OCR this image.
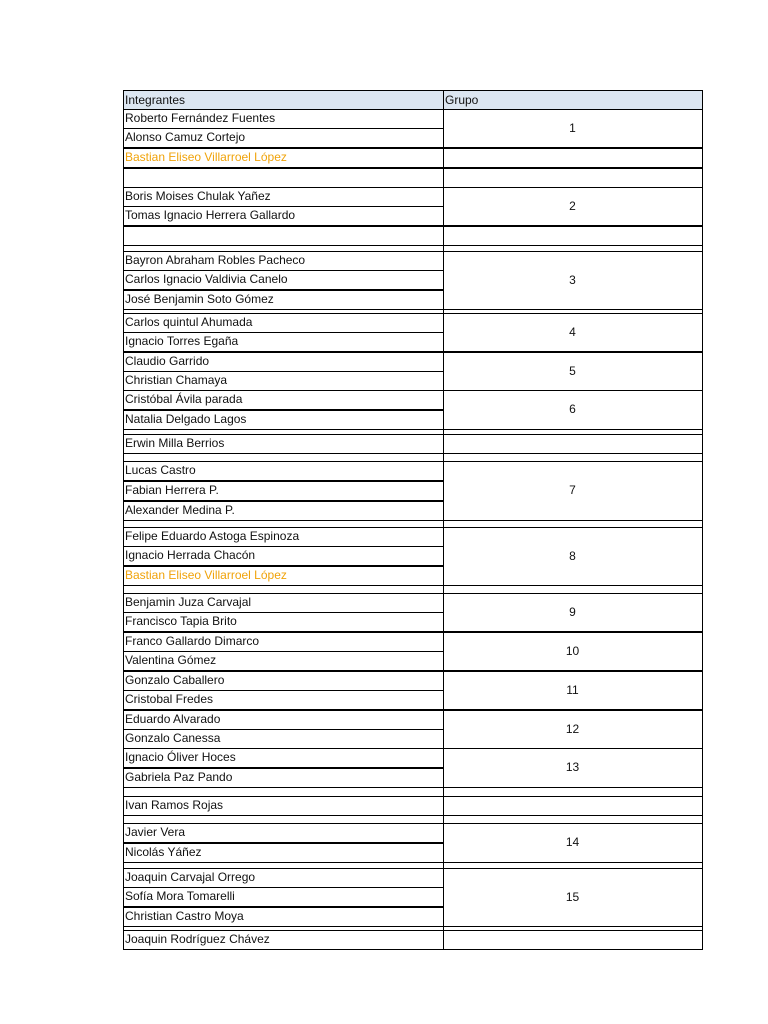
Integrantes	Grupo
Roberto Fernández Fuentes
Alonso Camuz Cortejo
Bastian Eliseo Villarroel López
Boris Moises Chulak Yañez
Tomas Ignacio Herrera Gallardo
Bayron Abraham Robles Pacheco
Carlos Ignacio Valdivia Canelo
José Benjamin Soto Gómez
Carlos quintul Ahumada
Ignacio Torres Egaña
Claudio Garrido
Christian Chamaya
Cristóbal Ávila parada
Natalia Delgado Lagos
Erwin Milla Berrios
Lucas Castro
Fabian Herrera P.
Alexander Medina P.
Felipe Eduardo Astoga Espinoza
Ignacio Herrada Chacón
Bastian Eliseo Villarroel López
Benjamin Juza Carvajal
Francisco Tapia Brito
Franco Gallardo Dimarco
Valentina Gómez
Gonzalo Caballero
Cristobal Fredes
Eduardo Alvarado
Gonzalo Canessa
Ignacio Óliver Hoces
Gabriela Paz Pando
Ivan Ramos Rojas
Javier Vera
Nicolás Yáñez
Joaquin Carvajal Orrego
Sofía Mora Tomarelli
Christian Castro Moya
Joaquin Rodríguez Chávez
1
2
3
4
5
6
7
8
9
10
11
12
13
14
15
